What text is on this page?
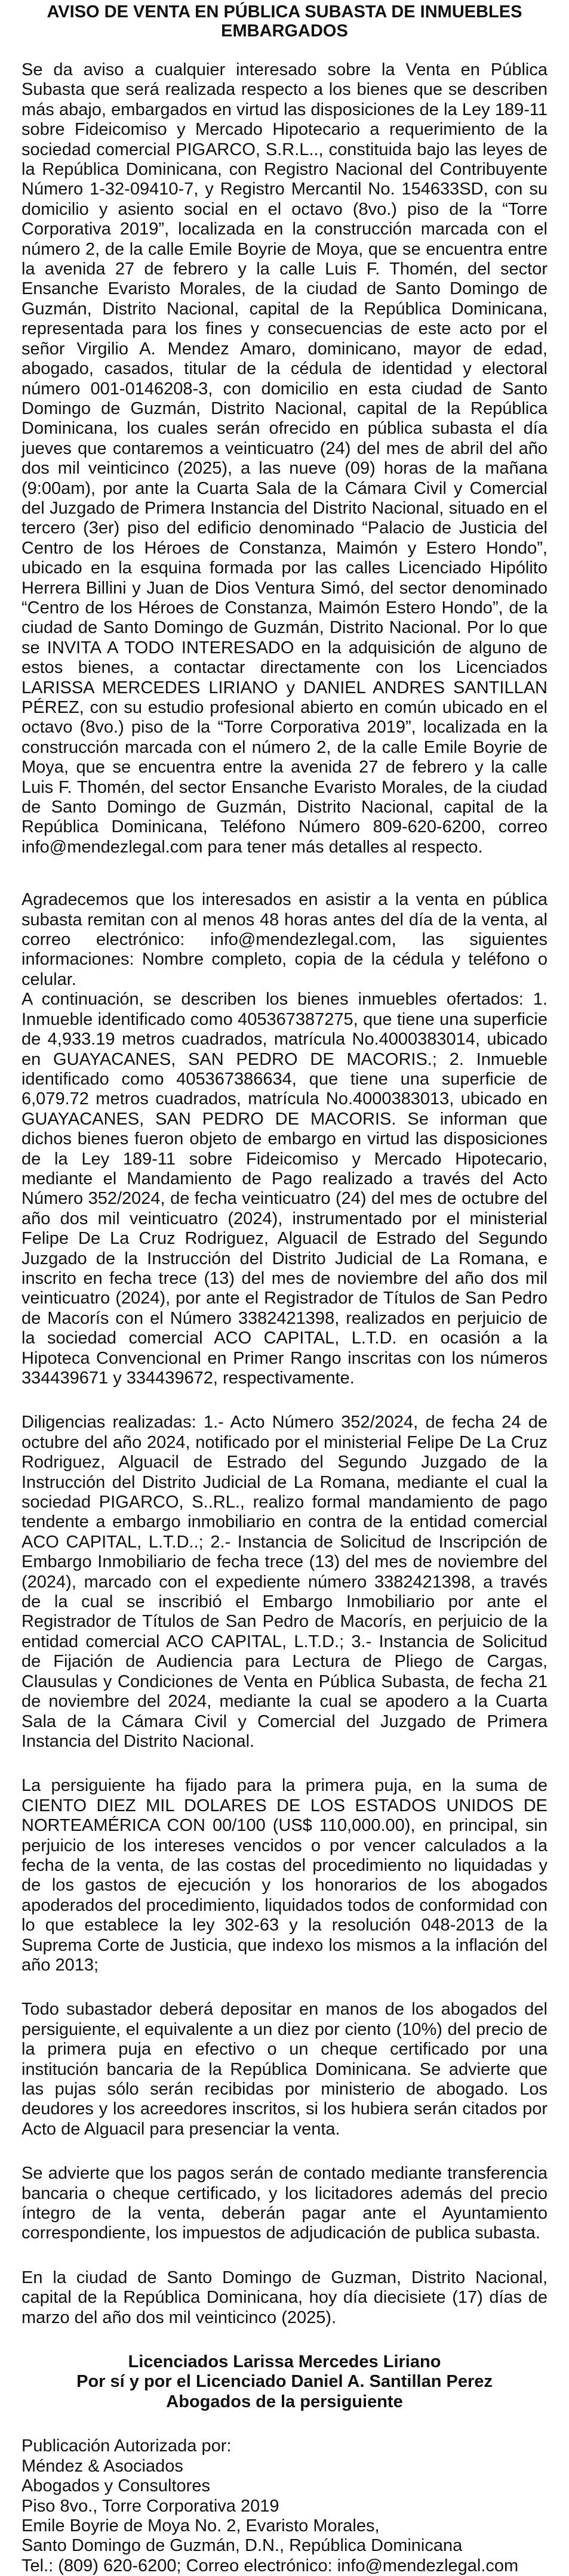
AVISO DE VENTA EN PÚBLICA SUBASTA DE INMUEBLES EMBARGADOS

Se da aviso a cualquier interesado sobre la Venta en Pública Subasta que será realizada respecto a los bienes que se describen más abajo, embargados en virtud las disposiciones de la Ley 189-11 sobre Fideicomiso y Mercado Hipotecario a requerimiento de la sociedad comercial PIGARCO, S.R.L.., constituida bajo las leyes de la República Dominicana, con Registro Nacional del Contribuyente Número 1-32-09410-7, y Registro Mercantil No. 154633SD, con su domicilio y asiento social en el octavo (8vo.) piso de la “Torre Corporativa 2019”, localizada en la construcción marcada con el número 2, de la calle Emile Boyrie de Moya, que se encuentra entre la avenida 27 de febrero y la calle Luis F. Thomén, del sector Ensanche Evaristo Morales, de la ciudad de Santo Domingo de Guzmán, Distrito Nacional, capital de la República Dominicana, representada para los fines y consecuencias de este acto por el señor Virgilio A. Mendez Amaro, dominicano, mayor de edad, abogado, casados, titular de la cédula de identidad y electoral número 001-0146208-3, con domicilio en esta ciudad de Santo Domingo de Guzmán, Distrito Nacional, capital de la República Dominicana, los cuales serán ofrecido en pública subasta el día jueves que contaremos a veinticuatro (24) del mes de abril del año dos mil veinticinco (2025), a las nueve (09) horas de la mañana (9:00am), por ante la Cuarta Sala de la Cámara Civil y Comercial del Juzgado de Primera Instancia del Distrito Nacional, situado en el tercero (3er) piso del edificio denominado “Palacio de Justicia del Centro de los Héroes de Constanza, Maimón y Estero Hondo”, ubicado en la esquina formada por las calles Licenciado Hipólito Herrera Billini y Juan de Dios Ventura Simó, del sector denominado “Centro de los Héroes de Constanza, Maimón Estero Hondo”, de la ciudad de Santo Domingo de Guzmán, Distrito Nacional. Por lo que se INVITA A TODO INTERESADO en la adquisición de alguno de estos bienes, a contactar directamente con los Licenciados LARISSA MERCEDES LIRIANO y DANIEL ANDRES SANTILLAN PÉREZ, con su estudio profesional abierto en común ubicado en el octavo (8vo.) piso de la “Torre Corporativa 2019”, localizada en la construcción marcada con el número 2, de la calle Emile Boyrie de Moya, que se encuentra entre la avenida 27 de febrero y la calle Luis F. Thomén, del sector Ensanche Evaristo Morales, de la ciudad de Santo Domingo de Guzmán, Distrito Nacional, capital de la República Dominicana, Teléfono Número 809-620-6200, correo info@mendezlegal.com para tener más detalles al respecto.

Agradecemos que los interesados en asistir a la venta en pública subasta remitan con al menos 48 horas antes del día de la venta, al correo electrónico: info@mendezlegal.com, las siguientes informaciones: Nombre completo, copia de la cédula y teléfono o celular.

A continuación, se describen los bienes inmuebles ofertados: 1. Inmueble identificado como 405367387275, que tiene una superficie de 4,933.19 metros cuadrados, matrícula No.4000383014, ubicado en GUAYACANES, SAN PEDRO DE MACORIS.; 2. Inmueble identificado como 405367386634, que tiene una superficie de 6,079.72 metros cuadrados, matrícula No.4000383013, ubicado en GUAYACANES, SAN PEDRO DE MACORIS. Se informan que dichos bienes fueron objeto de embargo en virtud las disposiciones de la Ley 189-11 sobre Fideicomiso y Mercado Hipotecario, mediante el Mandamiento de Pago realizado a través del Acto Número 352/2024, de fecha veinticuatro (24) del mes de octubre del año dos mil veinticuatro (2024), instrumentado por el ministerial Felipe De La Cruz Rodriguez, Alguacil de Estrado del Segundo Juzgado de la Instrucción del Distrito Judicial de La Romana, e inscrito en fecha trece (13) del mes de noviembre del año dos mil veinticuatro (2024), por ante el Registrador de Títulos de San Pedro de Macorís con el Número 3382421398, realizados en perjuicio de la sociedad comercial ACO CAPITAL, L.T.D. en ocasión a la Hipoteca Convencional en Primer Rango inscritas con los números 334439671 y 334439672, respectivamente.

Diligencias realizadas: 1.- Acto Número 352/2024, de fecha 24 de octubre del año 2024, notificado por el ministerial Felipe De La Cruz Rodriguez, Alguacil de Estrado del Segundo Juzgado de la Instrucción del Distrito Judicial de La Romana, mediante el cual la sociedad PIGARCO, S..RL., realizo formal mandamiento de pago tendente a embargo inmobiliario en contra de la entidad comercial ACO CAPITAL, L.T.D..; 2.- Instancia de Solicitud de Inscripción de Embargo Inmobiliario de fecha trece (13) del mes de noviembre del (2024), marcado con el expediente número 3382421398, a través de la cual se inscribió el Embargo Inmobiliario por ante el Registrador de Títulos de San Pedro de Macorís, en perjuicio de la entidad comercial ACO CAPITAL, L.T.D.; 3.- Instancia de Solicitud de Fijación de Audiencia para Lectura de Pliego de Cargas, Clausulas y Condiciones de Venta en Pública Subasta, de fecha 21 de noviembre del 2024, mediante la cual se apodero a la Cuarta Sala de la Cámara Civil y Comercial del Juzgado de Primera Instancia del Distrito Nacional.

La persiguiente ha fijado para la primera puja, en la suma de CIENTO DIEZ MIL DOLARES DE LOS ESTADOS UNIDOS DE NORTEAMÉRICA CON 00/100 (US$ 110,000.00), en principal, sin perjuicio de los intereses vencidos o por vencer calculados a la fecha de la venta, de las costas del procedimiento no liquidadas y de los gastos de ejecución y los honorarios de los abogados apoderados del procedimiento, liquidados todos de conformidad con lo que establece la ley 302-63 y la resolución 048-2013 de la Suprema Corte de Justicia, que indexo los mismos a la inflación del año 2013;

Todo subastador deberá depositar en manos de los abogados del persiguiente, el equivalente a un diez por ciento (10%) del precio de la primera puja en efectivo o un cheque certificado por una institución bancaria de la República Dominicana. Se advierte que las pujas sólo serán recibidas por ministerio de abogado. Los deudores y los acreedores inscritos, si los hubiera serán citados por Acto de Alguacil para presenciar la venta.

Se advierte que los pagos serán de contado mediante transferencia bancaria o cheque certificado, y los licitadores además del precio íntegro de la venta, deberán pagar ante el Ayuntamiento correspondiente, los impuestos de adjudicación de publica subasta.

En la ciudad de Santo Domingo de Guzman, Distrito Nacional, capital de la República Dominicana, hoy día diecisiete (17) días de marzo del año dos mil veinticinco (2025).

Licenciados Larissa Mercedes Liriano

Por sí y por el Licenciado Daniel A. Santillan Perez

Abogados de la persiguiente

Publicación Autorizada por:

Méndez & Asociados

Abogados y Consultores

Piso 8vo., Torre Corporativa 2019

Emile Boyrie de Moya No. 2, Evaristo Morales,

Santo Domingo de Guzmán, D.N., República Dominicana

Tel.: (809) 620-6200; Correo electrónico: info@mendezlegal.com
